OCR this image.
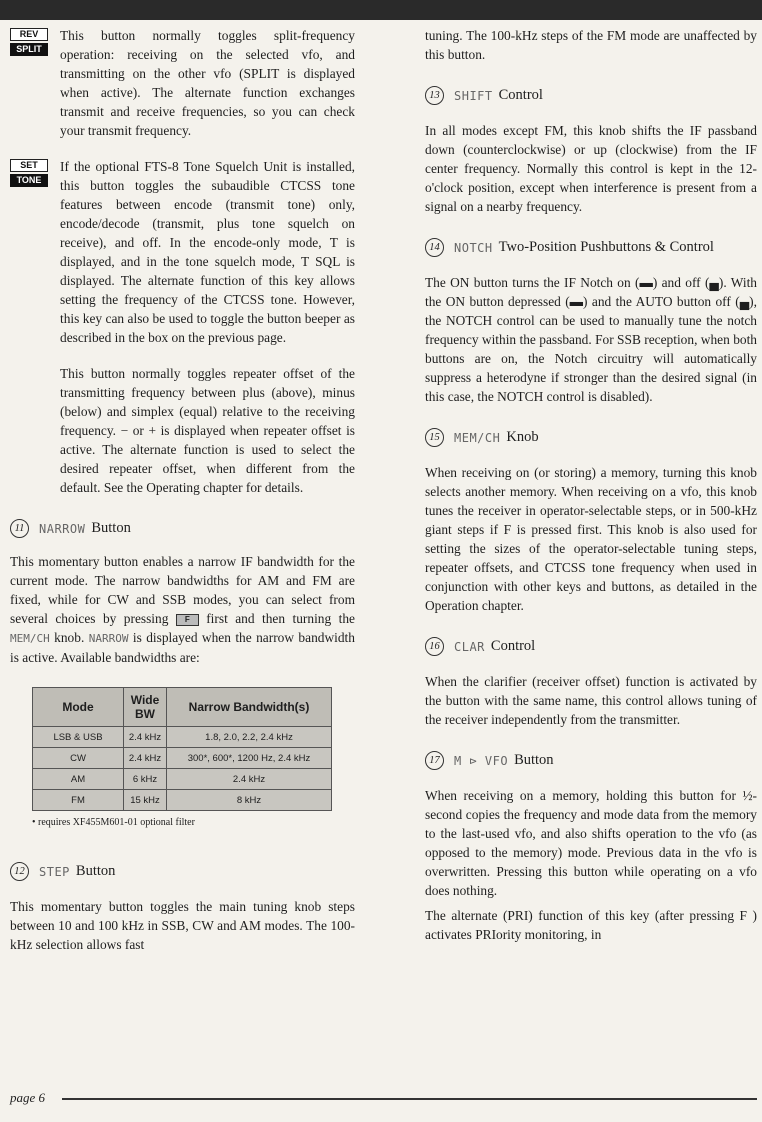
REV
SPLIT

This button normally toggles split-frequency operation: receiving on the selected vfo, and transmitting on the other vfo (SPLIT is displayed when active). The alternate function exchanges transmit and receive frequencies, so you can check your transmit frequency.

SET
TONE

If the optional FTS-8 Tone Squelch Unit is installed, this button toggles the subaudible CTCSS tone features between encode (transmit tone) only, encode/decode (transmit, plus tone squelch on receive), and off. In the encode-only mode, T is displayed, and in the tone squelch mode, T SQL is displayed. The alternate function of this key allows setting the frequency of the CTCSS tone. However, this key can also be used to toggle the button beeper as described in the box on the previous page.

This button normally toggles repeater offset of the transmitting frequency between plus (above), minus (below) and simplex (equal) relative to the receiving frequency. − or + is displayed when repeater offset is active. The alternate function is used to select the desired repeater offset, when different from the default. See the Operating chapter for details.

11	NARROW Button

This momentary button enables a narrow IF bandwidth for the current mode. The narrow bandwidths for AM and FM are fixed, while for CW and SSB modes, you can select from several choices by pressing F first and then turning the MEM/CH knob. NARROW is displayed when the narrow bandwidth is active. Available bandwidths are:

Mode	Wide BW	Narrow Bandwidth(s)
LSB & USB	2.4 kHz	1.8, 2.0, 2.2, 2.4 kHz
CW	2.4 kHz	300*, 600*, 1200 Hz, 2.4 kHz
AM	6 kHz	2.4 kHz
FM	15 kHz	8 kHz
• requires XF455M601-01 optional filter
12	STEP Button

This momentary button toggles the main tuning knob steps between 10 and 100 kHz in SSB, CW and AM modes. The 100-kHz selection allows fast

tuning. The 100-kHz steps of the FM mode are unaffected by this button.

13	SHIFT Control

In all modes except FM, this knob shifts the IF passband down (counterclockwise) or up (clockwise) from the IF center frequency. Normally this control is kept in the 12-o'clock position, except when interference is present from a signal on a nearby frequency.

14	NOTCH Two-Position Pushbuttons & Control

The ON button turns the IF Notch on (▬) and off (▄). With the ON button depressed (▬) and the AUTO button off (▄), the NOTCH control can be used to manually tune the notch frequency within the passband. For SSB reception, when both buttons are on, the Notch circuitry will automatically suppress a heterodyne if stronger than the desired signal (in this case, the NOTCH control is disabled).

15	MEM/CH Knob

When receiving on (or storing) a memory, turning this knob selects another memory. When receiving on a vfo, this knob tunes the receiver in operator-selectable steps, or in 500-kHz giant steps if F is pressed first. This knob is also used for setting the sizes of the operator-selectable tuning steps, repeater offsets, and CTCSS tone frequency when used in conjunction with other keys and buttons, as detailed in the Operation chapter.

16	CLAR Control

When the clarifier (receiver offset) function is activated by the button with the same name, this control allows tuning of the receiver independently from the transmitter.

17	M ⊳ VFO Button

When receiving on a memory, holding this button for ½-second copies the frequency and mode data from the memory to the last-used vfo, and also shifts operation to the vfo (as opposed to the memory) mode. Previous data in the vfo is overwritten. Pressing this button while operating on a vfo does nothing.

The alternate (PRI) function of this key (after pressing F ) activates PRIority monitoring, in

page 6
